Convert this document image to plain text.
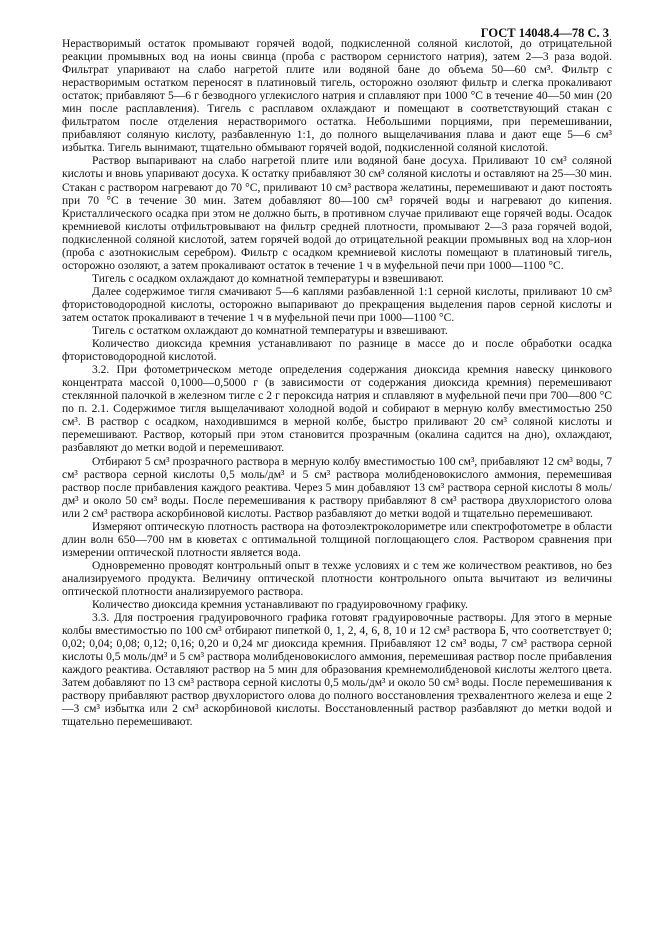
ГОСТ 14048.4—78 С. 3

Нерастворимый остаток промывают горячей водой, подкисленной соляной кислотой, до отрицательной реакции промывных вод на ионы свинца (проба с раствором сернистого натрия), затем 2—3 раза водой. Фильтрат упаривают на слабо нагретой плите или водяной бане до объема 50—60 см³. Фильтр с нерастворимым остатком переносят в платиновый тигель, осторожно озоляют фильтр и слегка прокаливают остаток; прибавляют 5—6 г безводного углекислого натрия и сплавляют при 1000 °С в течение 40—50 мин (20 мин после расплавления). Тигель с расплавом охлаждают и помещают в соответствующий стакан с фильтратом после отделения нерастворимого остатка. Небольшими порциями, при перемешивании, прибавляют соляную кислоту, разбавленную 1:1, до полного выщелачивания плава и дают еще 5—6 см³ избытка. Тигель вынимают, тщательно обмывают горячей водой, подкисленной соляной кислотой.

Раствор выпаривают на слабо нагретой плите или водяной бане досуха. Приливают 10 см³ соляной кислоты и вновь упаривают досуха. К остатку прибавляют 30 см³ соляной кислоты и оставляют на 25—30 мин. Стакан с раствором нагревают до 70 °С, приливают 10 см³ раствора желатины, перемешивают и дают постоять при 70 °С в течение 30 мин. Затем добавляют 80—100 см³ горячей воды и нагревают до кипения. Кристаллического осадка при этом не должно быть, в противном случае приливают еще горячей воды. Осадок кремниевой кислоты отфильтровывают на фильтр средней плотности, промывают 2—3 раза горячей водой, подкисленной соляной кислотой, затем горячей водой до отрицательной реакции промывных вод на хлор-ион (проба с азотнокислым серебром). Фильтр с осадком кремниевой кислоты помещают в платиновый тигель, осторожно озоляют, а затем прокаливают остаток в течение 1 ч в муфельной печи при 1000—1100 °С.

Тигель с осадком охлаждают до комнатной температуры и взвешивают.

Далее содержимое тигля смачивают 5—6 каплями разбавленной 1:1 серной кислоты, приливают 10 см³ фтористоводородной кислоты, осторожно выпаривают до прекращения выделения паров серной кислоты и затем остаток прокаливают в течение 1 ч в муфельной печи при 1000—1100 °С.

Тигель с остатком охлаждают до комнатной температуры и взвешивают.

Количество диоксида кремния устанавливают по разнице в массе до и после обработки осадка фтористоводородной кислотой.

3.2. При фотометрическом методе определения содержания диоксида кремния навеску цинкового концентрата массой 0,1000—0,5000 г (в зависимости от содержания диоксида кремния) перемешивают стеклянной палочкой в железном тигле с 2 г пероксида натрия и сплавляют в муфельной печи при 700—800 °С по п. 2.1. Содержимое тигля выщелачивают холодной водой и собирают в мерную колбу вместимостью 250 см³. В раствор с осадком, находившимся в мерной колбе, быстро приливают 20 см³ соляной кислоты и перемешивают. Раствор, который при этом становится прозрачным (окалина садится на дно), охлаждают, разбавляют до метки водой и перемешивают.

Отбирают 5 см³ прозрачного раствора в мерную колбу вместимостью 100 см³, прибавляют 12 см³ воды, 7 см³ раствора серной кислоты 0,5 моль/дм³ и 5 см³ раствора молибденовокислого аммония, перемешивая раствор после прибавления каждого реактива. Через 5 мин добавляют 13 см³ раствора серной кислоты 8 моль/дм³ и около 50 см³ воды. После перемешивания к раствору прибавляют 8 см³ раствора двухлористого олова или 2 см³ раствора аскорбиновой кислоты. Раствор разбавляют до метки водой и тщательно перемешивают.

Измеряют оптическую плотность раствора на фотоэлектроколориметре или спектрофотометре в области длин волн 650—700 нм в кюветах с оптимальной толщиной поглощающего слоя. Раствором сравнения при измерении оптической плотности является вода.

Одновременно проводят контрольный опыт в техже условиях и с тем же количеством реактивов, но без анализируемого продукта. Величину оптической плотности контрольного опыта вычитают из величины оптической плотности анализируемого раствора.

Количество диоксида кремния устанавливают по градуировочному графику.

3.3. Для построения градуировочного графика готовят градуировочные растворы. Для этого в мерные колбы вместимостью по 100 см³ отбирают пипеткой 0, 1, 2, 4, 6, 8, 10 и 12 см³ раствора Б, что соответствует 0; 0,02; 0,04; 0,08; 0,12; 0,16; 0,20 и 0,24 мг диоксида кремния. Прибавляют 12 см³ воды, 7 см³ раствора серной кислоты 0,5 моль/дм³ и 5 см³ раствора молибденовокислого аммония, перемешивая раствор после прибавления каждого реактива. Оставляют раствор на 5 мин для образования кремнемолибденовой кислоты желтого цвета. Затем добавляют по 13 см³ раствора серной кислоты 0,5 моль/дм³ и около 50 см³ воды. После перемешивания к раствору прибавляют раствор двухлористого олова до полного восстановления трехвалентного железа и еще 2—3 см³ избытка или 2 см³ аскорбиновой кислоты. Восстановленный раствор разбавляют до метки водой и тщательно перемешивают.
